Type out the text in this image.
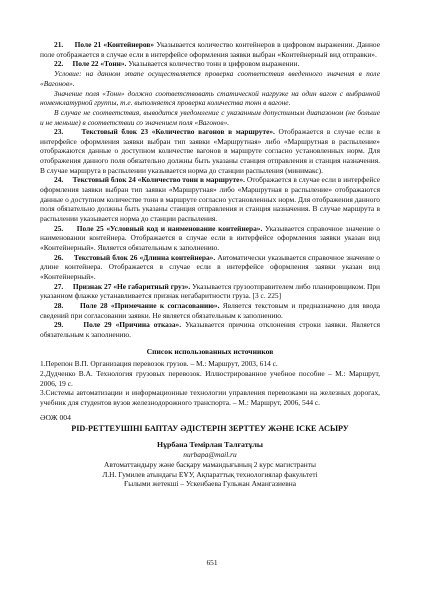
21.     Поле 21 «Контейнеров» Указывается количество контейнеров в цифровом выражении. Данное поле отображается в случае если в интерфейсе оформления заявки выбран «Контейнерный вид отправки».

22.     Поле 22 «Тонн». Указывается количество тонн в цифровом выражении.

Условие: на данном этапе осуществляется проверка соответствия введенного значения в поле «Вагонов».

Значение поля «Тонн» должно соответствовать статической нагрузке на один вагон с выбранной номенклатурной группы, т.е. выполняется проверка количества тонн в вагоне.

В случае не соответствия, выводится уведомление с указанным допустимым диапазоном (не больше и не меньше) в соответствии со значением поля «Вагонов».

23.     Текстовый блок 23 «Количество вагонов в маршруте». Отображается в случае если в интерфейсе оформления заявки выбран тип заявки «Маршрутная» либо «Маршрутная в распыление» отображаются данные о доступном количестве вагонов в маршруте согласно установленных норм. Для отображения данного поля обязательно должны быть указаны станция отправления и станция назначения. В случае маршрута в распылении указывается норма до станции распыления (минимакс).

24.     Текстовый блок 24 «Количество тонн в маршруте». Отображается в случае если в интерфейсе оформления заявки выбран тип заявки «Маршрутная» либо «Маршрутная в распыление» отображаются данные о доступном количестве тонн в маршруте согласно установленных норм. Для отображения данного поля обязательно должны быть указаны станция отправления и станция назначения. В случае маршрута в распылении указывается норма до станции распыления.

25.     Поле 25 «Условный код и наименование контейнера». Указывается справочное значение о наименовании контейнера. Отображается в случае если в интерфейсе оформления заявки указан вид «Контейнерный». Является обязательным к заполнению.

26.     Текстовый блок 26 «Длинна контейнера». Автоматически указывается справочное значение о длине контейнера. Отображается в случае если в интерфейсе оформления заявки указан вид «Контейнерный».

27.     Признак 27 «Не габаритный груз». Указывается грузоотправителем либо планировщиком. При указанном флажке устанавливается признак негабаритности груза. [3 с. 225]

28.     Поле 28 «Примечание к согласованию». Является текстовым и предназначено для ввода сведений при согласовании заявки. Не является обязательным к заполнению.

29.     Поле 29 «Причина отказа». Указывается причина отклонения строки заявки. Является обязательным к заполнению.

Список использованных источников

1.Перепон В.П. Организация перевозок грузов. – М.: Маршрут, 2003, 614 с.

2.Дудченко В.А. Технология грузовых перевозок. Иллюстрированное учебное пособие – М.: Маршрут, 2006, 19 с.

3.Системы автоматизации и информационные технологии управления перевозками на железных дорогах, учебник для студентов вузов железнодорожного транспорта. – М.: Маршрут, 2006, 544 с.

ӘОЖ 004

PID-РЕТТЕУШІНІ БАПТАУ ӘДІСТЕРІН ЗЕРТТЕУ ЖӘНЕ ІСКЕ АСЫРУ

Нұрбана Темірлан Талғатұлы

nurbapa@mail.ru

Автоматтандыру және басқару мамандығының 2 курс магистранты

Л.Н. Гумилев атындағы ЕҰУ, Ақпараттық технологиялар факультеті

Ғылыми жетекші – Ускенбаева Гульжан Амангазиевна

651
